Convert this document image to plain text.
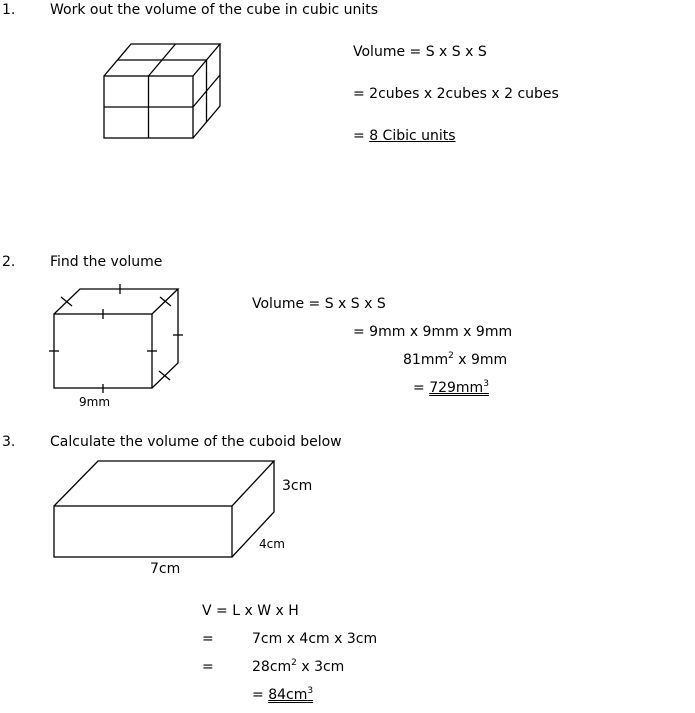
1. Work out the volume of the cube in cubic units
Volume = S x S x S
= 2cubes x 2cubes x 2 cubes
= 8 Cibic units
2. Find the volume
9mm
Volume = S x S x S
= 9mm x 9mm x 9mm
$81mm^2$ x 9mm
= $729mm^3$
3. Calculate the volume of the cuboid below
3cm
4cm
7cm
V = L x W x H
=	7cm x 4cm x 3cm
=	$28cm^2$ x 3cm
= $84cm^3$
